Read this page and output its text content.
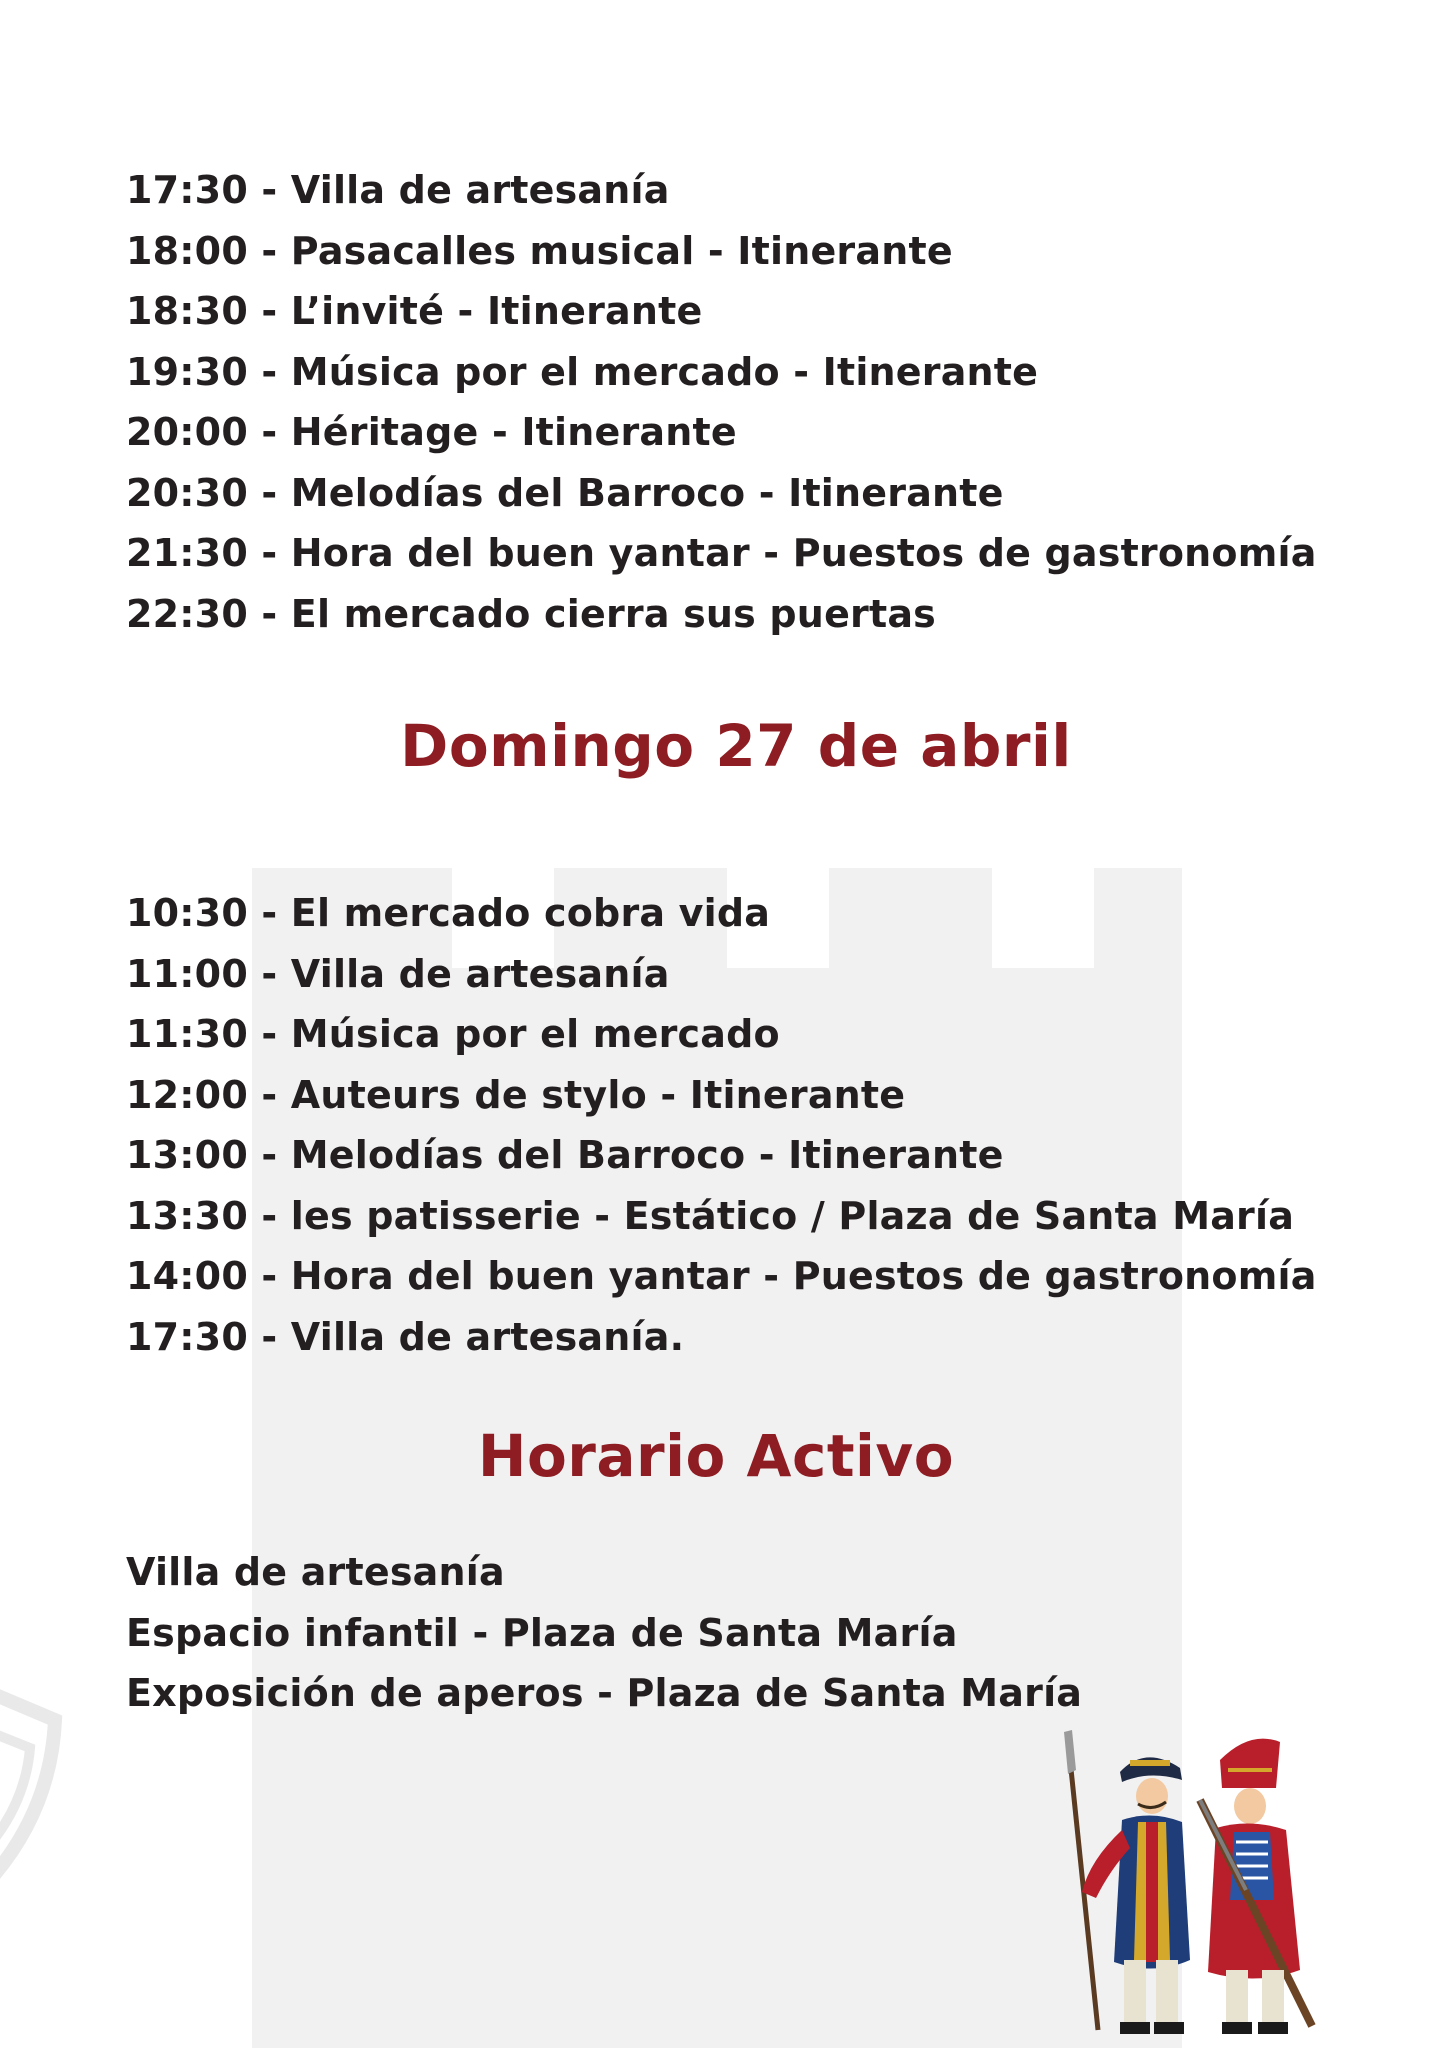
17:30 - Villa de artesanía
18:00 - Pasacalles musical - Itinerante
18:30 - L’invité - Itinerante
19:30 - Música por el mercado - Itinerante
20:00 - Héritage - Itinerante
20:30 - Melodías del Barroco - Itinerante
21:30 - Hora del buen yantar - Puestos de gastronomía
22:30 - El mercado cierra sus puertas
Domingo 27 de abril
10:30 - El mercado cobra vida
11:00 - Villa de artesanía
11:30 - Música por el mercado
12:00 - Auteurs de stylo - Itinerante
13:00 - Melodías del Barroco - Itinerante
13:30 - les patisserie - Estático / Plaza de Santa María
14:00 - Hora del buen yantar - Puestos de gastronomía
17:30 - Villa de artesanía.
Horario Activo
Villa de artesanía
Espacio infantil - Plaza de Santa María
Exposición de aperos - Plaza de Santa María
